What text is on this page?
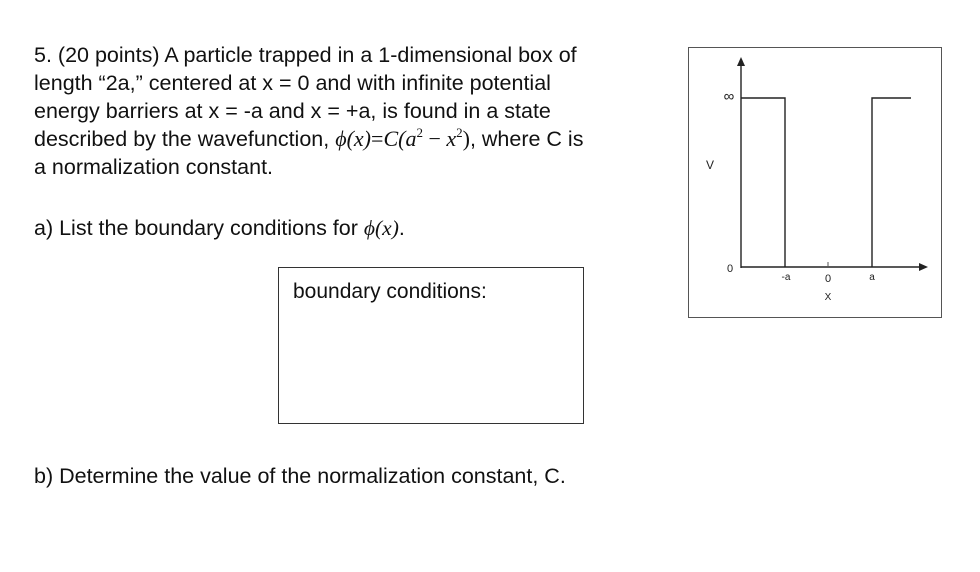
5. (20 points) A particle trapped in a 1-dimensional box of
length “2a,” centered at x = 0 and with infinite potential
energy barriers at x = -a and x = +a, is found in a state
described by the wavefunction, $\phi(x)=C(a^2 - x^2)$, where C is
a normalization constant.
a) List the boundary conditions for ϕ(x).
boundary conditions:
b) Determine the value of the normalization constant, C.
∞
V
0
-a	0	a
X
